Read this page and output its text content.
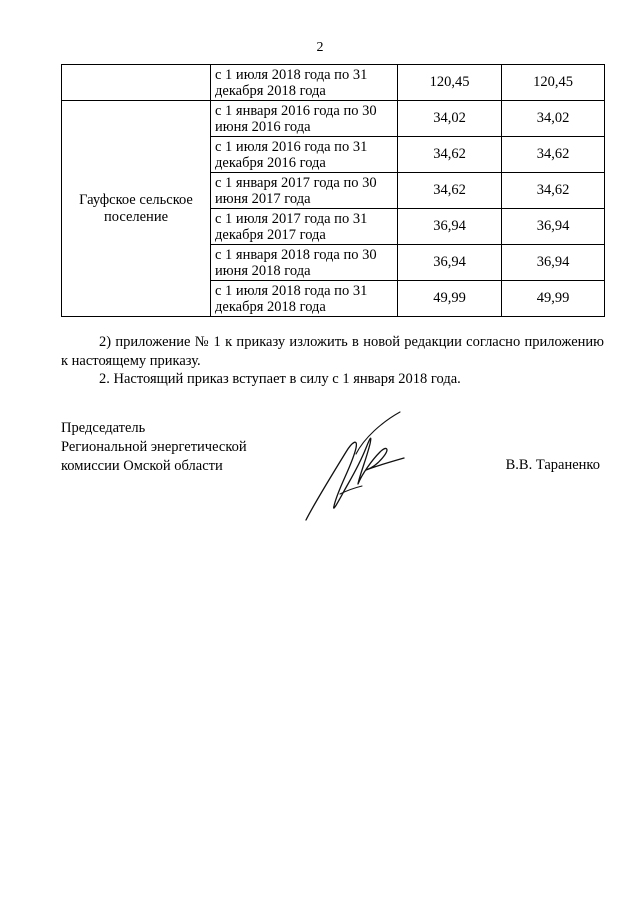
2
	с 1 июля 2018 года по 31 декабря 2018 года	120,45	120,45
Гауфское сельское поселение	с 1 января 2016 года по 30 июня 2016 года	34,02	34,02
	с 1 июля 2016 года по 31 декабря 2016 года	34,62	34,62
	с 1 января 2017 года по 30 июня 2017 года	34,62	34,62
	с 1 июля 2017 года по 31 декабря 2017 года	36,94	36,94
	с 1 января 2018 года по 30 июня 2018 года	36,94	36,94
	с 1 июля 2018 года по 31 декабря 2018 года	49,99	49,99
2) приложение № 1 к приказу изложить в новой редакции согласно приложению к настоящему приказу.
2. Настоящий приказ вступает в силу с 1 января 2018 года.
Председатель
Региональной энергетической
комиссии Омской области	В.В. Тараненко
